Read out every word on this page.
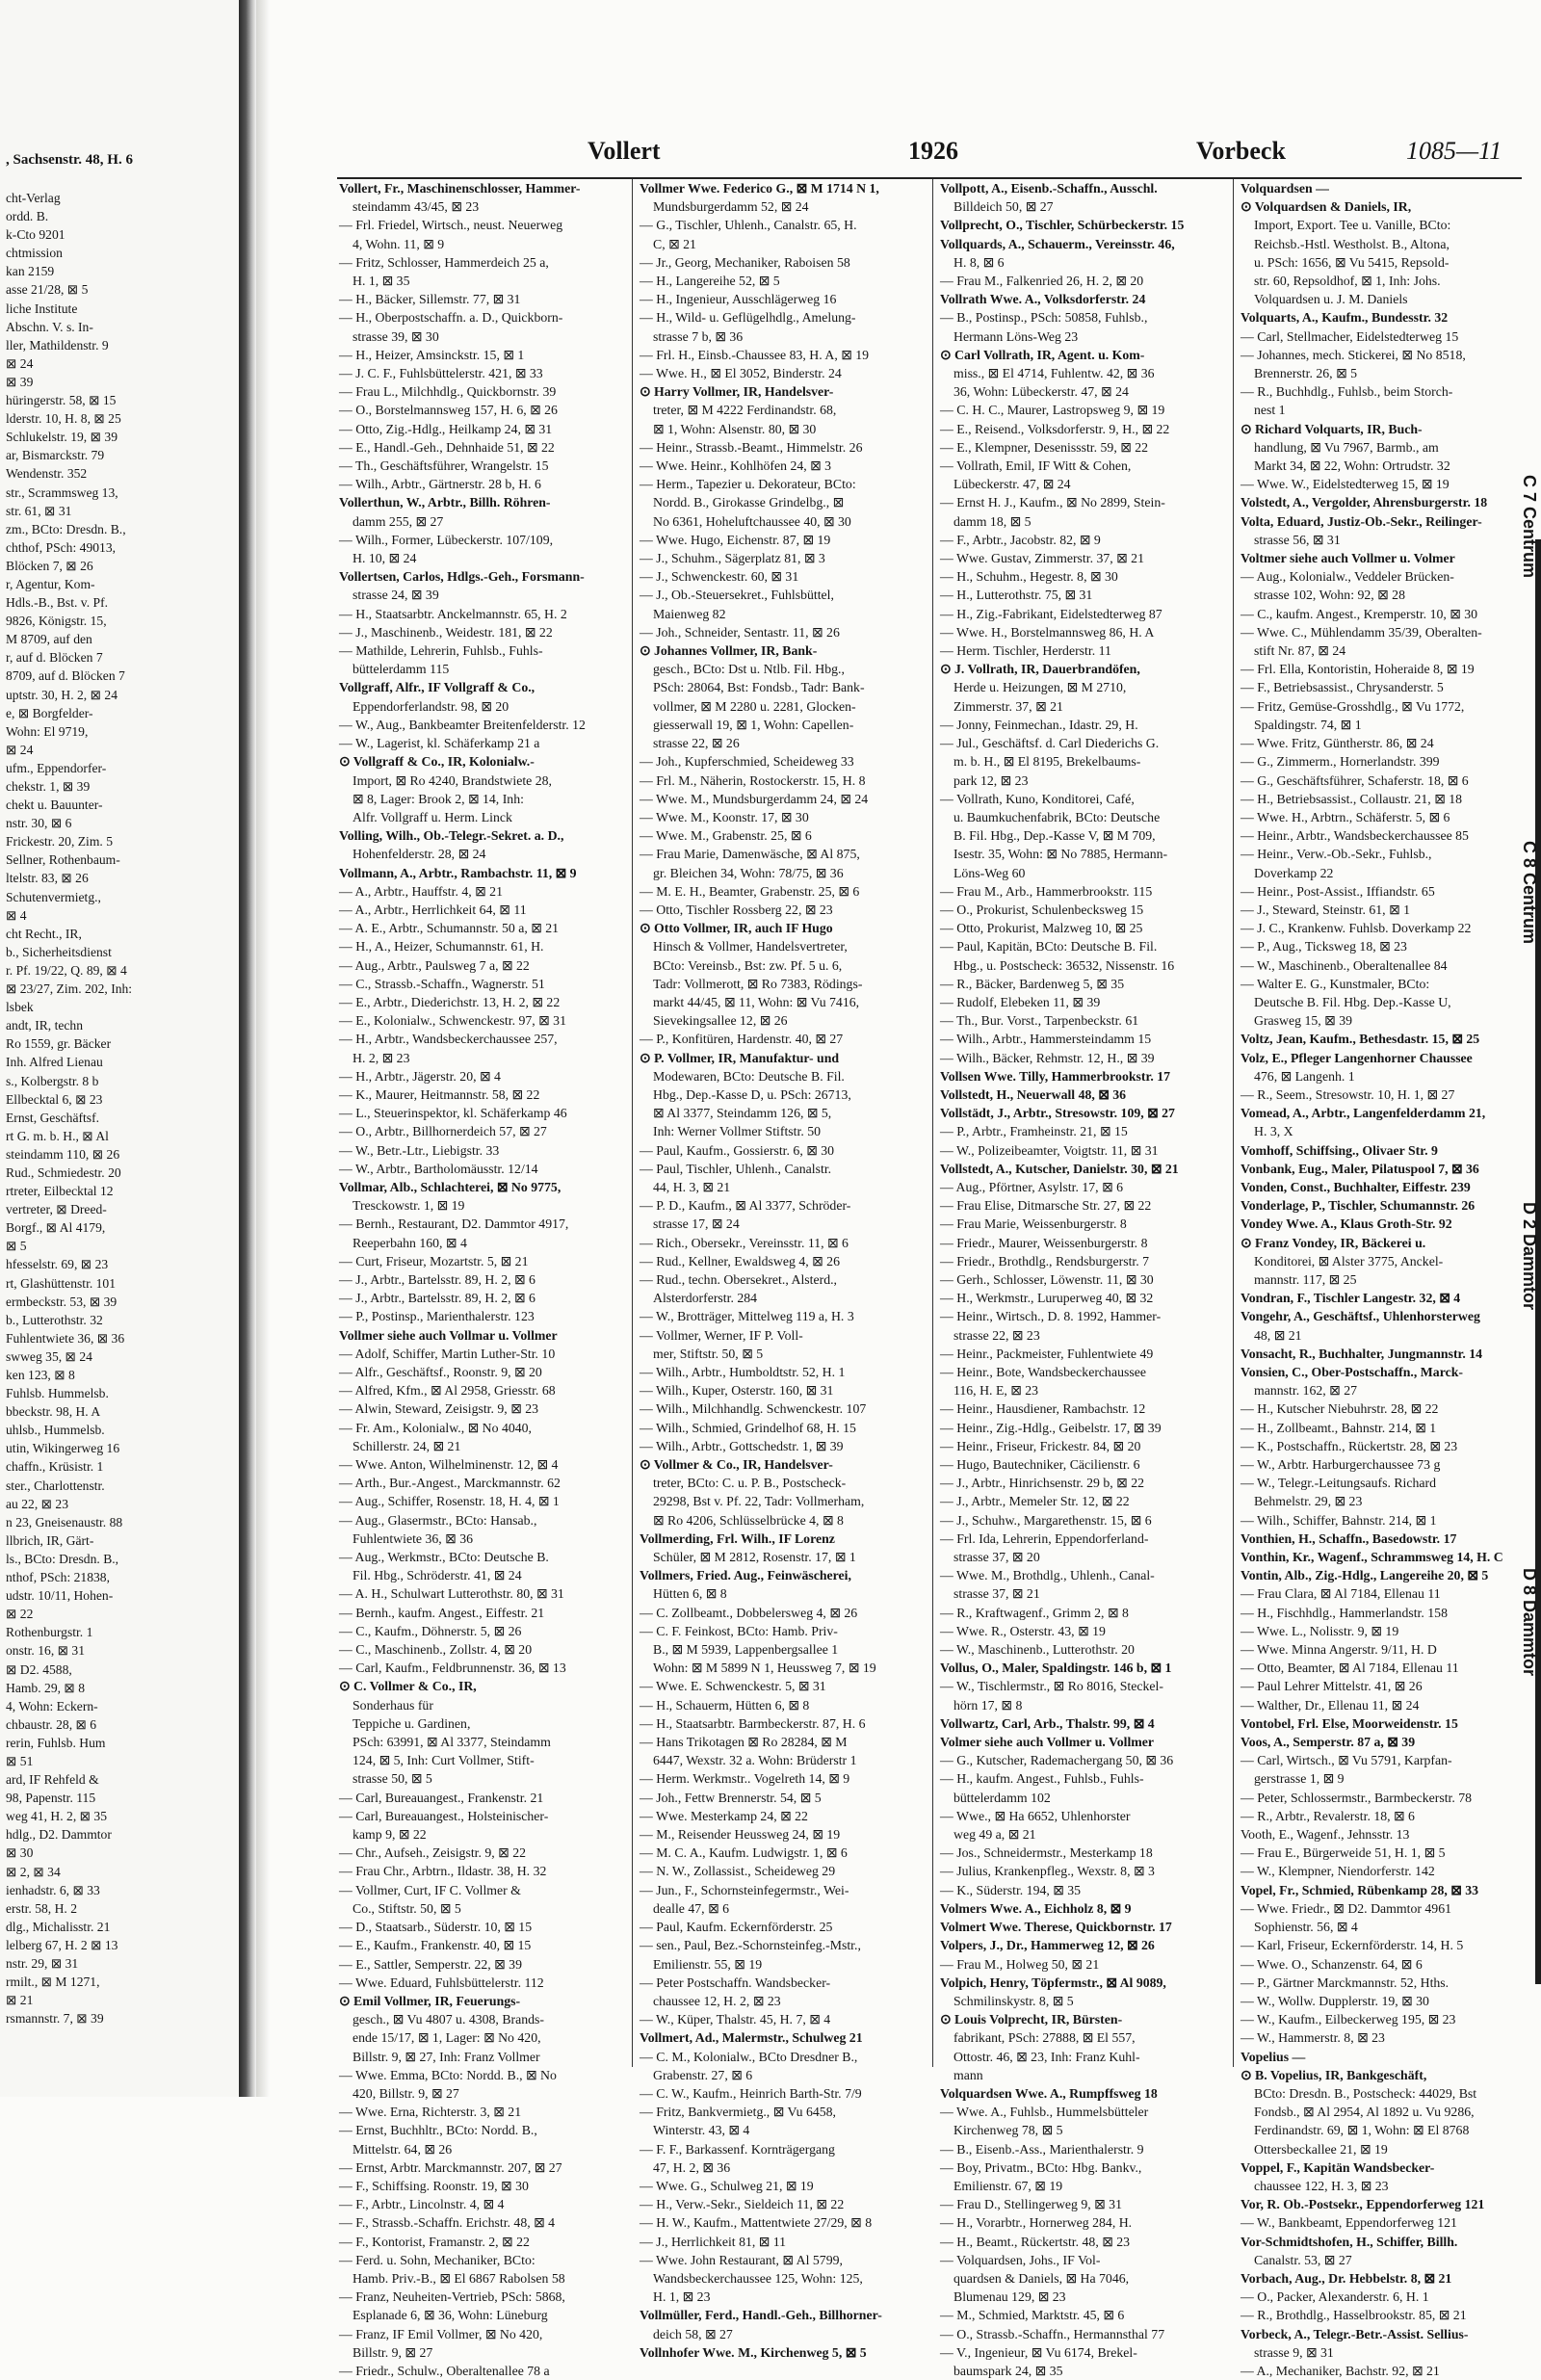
, Sachsenstr. 48, H. 6
cht-Verlag
ordd. B.
k-Cto 9201
chtmission
kan 2159
asse 21/28, ⊠ 5
liche Institute
Abschn. V. s. In-
ller, Mathildenstr. 9
⊠ 24
⊠ 39
hüringerstr. 58, ⊠ 15
lderstr. 10, H. 8, ⊠ 25
Schlukelstr. 19, ⊠ 39
ar, Bismarckstr. 79
Wendenstr. 352
str., Scrammsweg 13,
str. 61, ⊠ 31
zm., BCto: Dresdn. B.,
chthof, PSch: 49013,
Blöcken 7, ⊠ 26
r, Agentur, Kom-
Hdls.-B., Bst. v. Pf.
9826, Königstr. 15,
M 8709, auf den
r, auf d. Blöcken 7
8709, auf d. Blöcken 7
uptstr. 30, H. 2, ⊠ 24
e, ⊠ Borgfelder-
Wohn: El 9719,
⊠ 24
ufm., Eppendorfer-
chekstr. 1, ⊠ 39
chekt u. Bauunter-
nstr. 30, ⊠ 6
Frickestr. 20, Zim. 5
Sellner, Rothenbaum-
ltelstr. 83, ⊠ 26
Schutenvermietg.,
⊠ 4
cht Recht., IR,
b., Sicherheitsdienst
r. Pf. 19/22, Q. 89, ⊠ 4
⊠ 23/27, Zim. 202, Inh:
lsbek
andt, IR, techn
Ro 1559, gr. Bäcker
Inh. Alfred Lienau
s., Kolbergstr. 8 b
Ellbecktal 6, ⊠ 23
Ernst, Geschäftsf.
rt G. m. b. H., ⊠ Al
steindamm 110, ⊠ 26
Rud., Schmiedestr. 20
rtreter, Eilbecktal 12
vertreter, ⊠ Dreed-
Borgf., ⊠ Al 4179,
⊠ 5
hfesselstr. 69, ⊠ 23
rt, Glashüttenstr. 101
ermbeckstr. 53, ⊠ 39
b., Lutterothstr. 32
Fuhlentwiete 36, ⊠ 36
swweg 35, ⊠ 24
ken 123, ⊠ 8
Fuhlsb. Hummelsb.
bbeckstr. 98, H. A
uhlsb., Hummelsb.
utin, Wikingerweg 16
chaffn., Krüsistr. 1
ster., Charlottenstr.
au 22, ⊠ 23
n 23, Gneisenaustr. 88
llbrich, IR, Gärt-
ls., BCto: Dresdn. B.,
nthof, PSch: 21838,
udstr. 10/11, Hohen-
⊠ 22
Rothenburgstr. 1
onstr. 16, ⊠ 31
⊠ D2. 4588,
Hamb. 29, ⊠ 8
4, Wohn: Eckern-
chbaustr. 28, ⊠ 6
rerin, Fuhlsb. Hum
⊠ 51
ard, IF Rehfeld &
98, Papenstr. 115
weg 41, H. 2, ⊠ 35
hdlg., D2. Dammtor
⊠ 30
⊠ 2, ⊠ 34
ienhadstr. 6, ⊠ 33
erstr. 58, H. 2
dlg., Michalisstr. 21
lelberg 67, H. 2 ⊠ 13
nstr. 29, ⊠ 31
rmilt., ⊠ M 1271,
⊠ 21
rsmannstr. 7, ⊠ 39
Vollert	1926	Vorbeck	1085—11
Vollert, Fr., Maschinenschlosser, Hammer-
steindamm 43/45, ⊠ 23
— Frl. Friedel, Wirtsch., neust. Neuerweg
4, Wohn. 11, ⊠ 9
— Fritz, Schlosser, Hammerdeich 25 a,
H. 1, ⊠ 35
— H., Bäcker, Sillemstr. 77, ⊠ 31
— H., Oberpostschaffn. a. D., Quickborn-
strasse 39, ⊠ 30
— H., Heizer, Amsinckstr. 15, ⊠ 1
— J. C. F., Fuhlsbüttelerstr. 421, ⊠ 33
— Frau L., Milchhdlg., Quickbornstr. 39
— O., Borstelmannsweg 157, H. 6, ⊠ 26
— Otto, Zig.-Hdlg., Heilkamp 24, ⊠ 31
— E., Handl.-Geh., Dehnhaide 51, ⊠ 22
— Th., Geschäftsführer, Wrangelstr. 15
— Wilh., Arbtr., Gärtnerstr. 28 b, H. 6
Vollerthun, W., Arbtr., Billh. Röhren-
damm 255, ⊠ 27
— Wilh., Former, Lübeckerstr. 107/109,
H. 10, ⊠ 24
Vollertsen, Carlos, Hdlgs.-Geh., Forsmann-
strasse 24, ⊠ 39
— H., Staatsarbtr. Anckelmannstr. 65, H. 2
— J., Maschinenb., Weidestr. 181, ⊠ 22
— Mathilde, Lehrerin, Fuhlsb., Fuhls-
büttelerdamm 115
Vollgraff, Alfr., IF Vollgraff & Co.,
Eppendorferlandstr. 98, ⊠ 20
— W., Aug., Bankbeamter Breitenfelderstr. 12
— W., Lagerist, kl. Schäferkamp 21 a
⊙ Vollgraff & Co., IR, Kolonialw.-
Import, ⊠ Ro 4240, Brandstwiete 28,
⊠ 8, Lager: Brook 2, ⊠ 14, Inh:
Alfr. Vollgraff u. Herm. Linck
Volling, Wilh., Ob.-Telegr.-Sekret. a. D.,
Hohenfelderstr. 28, ⊠ 24
Vollmann, A., Arbtr., Rambachstr. 11, ⊠ 9
— A., Arbtr., Hauffstr. 4, ⊠ 21
— A., Arbtr., Herrlichkeit 64, ⊠ 11
— A. E., Arbtr., Schumannstr. 50 a, ⊠ 21
— H., A., Heizer, Schumannstr. 61, H.
— Aug., Arbtr., Paulsweg 7 a, ⊠ 22
— C., Strassb.-Schaffn., Wagnerstr. 51
— E., Arbtr., Diederichstr. 13, H. 2, ⊠ 22
— E., Kolonialw., Schwenckestr. 97, ⊠ 31
— H., Arbtr., Wandsbeckerchaussee 257,
H. 2, ⊠ 23
— H., Arbtr., Jägerstr. 20, ⊠ 4
— K., Maurer, Heitmannstr. 58, ⊠ 22
— L., Steuerinspektor, kl. Schäferkamp 46
— O., Arbtr., Billhornerdeich 57, ⊠ 27
— W., Betr.-Ltr., Liebigstr. 33
— W., Arbtr., Bartholomäusstr. 12/14
Vollmar, Alb., Schlachterei, ⊠ No 9775,
Tresckowstr. 1, ⊠ 19
— Bernh., Restaurant, D2. Dammtor 4917,
Reeperbahn 160, ⊠ 4
— Curt, Friseur, Mozartstr. 5, ⊠ 21
— J., Arbtr., Bartelsstr. 89, H. 2, ⊠ 6
— J., Arbtr., Bartelsstr. 89, H. 2, ⊠ 6
— P., Postinsp., Marienthalerstr. 123
Vollmer siehe auch Vollmar u. Vollmer
— Adolf, Schiffer, Martin Luther-Str. 10
— Alfr., Geschäftsf., Roonstr. 9, ⊠ 20
— Alfred, Kfm., ⊠ Al 2958, Griesstr. 68
— Alwin, Steward, Zeisigstr. 9, ⊠ 23
— Fr. Am., Kolonialw., ⊠ No 4040,
Schillerstr. 24, ⊠ 21
— Wwe. Anton, Wilhelminenstr. 12, ⊠ 4
— Arth., Bur.-Angest., Marckmannstr. 62
— Aug., Schiffer, Rosenstr. 18, H. 4, ⊠ 1
— Aug., Glasermstr., BCto: Hansab.,
Fuhlentwiete 36, ⊠ 36
— Aug., Werkmstr., BCto: Deutsche B.
Fil. Hbg., Schröderstr. 41, ⊠ 24
— A. H., Schulwart Lutterothstr. 80, ⊠ 31
— Bernh., kaufm. Angest., Eiffestr. 21
— C., Kaufm., Döhnerstr. 5, ⊠ 26
— C., Maschinenb., Zollstr. 4, ⊠ 20
— Carl, Kaufm., Feldbrunnenstr. 36, ⊠ 13
⊙ C. Vollmer & Co., IR,
Sonderhaus für
Teppiche u. Gardinen,
PSch: 63991, ⊠ Al 3377, Steindamm
124, ⊠ 5, Inh: Curt Vollmer, Stift-
strasse 50, ⊠ 5
— Carl, Bureauangest., Frankenstr. 21
— Carl, Bureauangest., Holsteinischer-
kamp 9, ⊠ 22
— Chr., Aufseh., Zeisigstr. 9, ⊠ 22
— Frau Chr., Arbtrn., Ildastr. 38, H. 32
— Vollmer, Curt, IF C. Vollmer &
Co., Stiftstr. 50, ⊠ 5
— D., Staatsarb., Süderstr. 10, ⊠ 15
— E., Kaufm., Frankenstr. 40, ⊠ 15
— E., Sattler, Semperstr. 22, ⊠ 39
— Wwe. Eduard, Fuhlsbüttelerstr. 112
⊙ Emil Vollmer, IR, Feuerungs-
gesch., ⊠ Vu 4807 u. 4308, Brands-
ende 15/17, ⊠ 1, Lager: ⊠ No 420,
Billstr. 9, ⊠ 27, Inh: Franz Vollmer
— Wwe. Emma, BCto: Nordd. B., ⊠ No
420, Billstr. 9, ⊠ 27
— Wwe. Erna, Richterstr. 3, ⊠ 21
— Ernst, Buchhltr., BCto: Nordd. B.,
Mittelstr. 64, ⊠ 26
— Ernst, Arbtr. Marckmannstr. 207, ⊠ 27
— F., Schiffsing. Roonstr. 19, ⊠ 30
— F., Arbtr., Lincolnstr. 4, ⊠ 4
— F., Strassb.-Schaffn. Erichstr. 48, ⊠ 4
— F., Kontorist, Framanstr. 2, ⊠ 22
— Ferd. u. Sohn, Mechaniker, BCto:
Hamb. Priv.-B., ⊠ El 6867 Rabolsen 58
— Franz, Neuheiten-Vertrieb, PSch: 5868,
Esplanade 6, ⊠ 36, Wohn: Lüneburg
— Franz, IF Emil Vollmer, ⊠ No 420,
Billstr. 9, ⊠ 27
— Friedr., Schulw., Oberaltenallee 78 a
Vollmer Wwe. Federico G., ⊠ M 1714 N 1,
Mundsburgerdamm 52, ⊠ 24
— G., Tischler, Uhlenh., Canalstr. 65, H.
C, ⊠ 21
— Jr., Georg, Mechaniker, Raboisen 58
— H., Langereihe 52, ⊠ 5
— H., Ingenieur, Ausschlägerweg 16
— H., Wild- u. Geflügelhdlg., Amelung-
strasse 7 b, ⊠ 36
— Frl. H., Einsb.-Chaussee 83, H. A, ⊠ 19
— Wwe. H., ⊠ El 3052, Binderstr. 24
⊙ Harry Vollmer, IR, Handelsver-
treter, ⊠ M 4222 Ferdinandstr. 68,
⊠ 1, Wohn: Alsenstr. 80, ⊠ 30
— Heinr., Strassb.-Beamt., Himmelstr. 26
— Wwe. Heinr., Kohlhöfen 24, ⊠ 3
— Herm., Tapezier u. Dekorateur, BCto:
Nordd. B., Girokasse Grindelbg., ⊠
No 6361, Hoheluftchaussee 40, ⊠ 30
— Wwe. Hugo, Eichenstr. 87, ⊠ 19
— J., Schuhm., Sägerplatz 81, ⊠ 3
— J., Schwenckestr. 60, ⊠ 31
— J., Ob.-Steuersekret., Fuhlsbüttel,
Maienweg 82
— Joh., Schneider, Sentastr. 11, ⊠ 26
⊙ Johannes Vollmer, IR, Bank-
gesch., BCto: Dst u. Ntlb. Fil. Hbg.,
PSch: 28064, Bst: Fondsb., Tadr: Bank-
vollmer, ⊠ M 2280 u. 2281, Glocken-
giesserwall 19, ⊠ 1, Wohn: Capellen-
strasse 22, ⊠ 26
— Joh., Kupferschmied, Scheideweg 33
— Frl. M., Näherin, Rostockerstr. 15, H. 8
— Wwe. M., Mundsburgerdamm 24, ⊠ 24
— Wwe. M., Koonstr. 17, ⊠ 30
— Wwe. M., Grabenstr. 25, ⊠ 6
— Frau Marie, Damenwäsche, ⊠ Al 875,
gr. Bleichen 34, Wohn: 78/75, ⊠ 36
— M. E. H., Beamter, Grabenstr. 25, ⊠ 6
— Otto, Tischler Rossberg 22, ⊠ 23
⊙ Otto Vollmer, IR, auch IF Hugo
Hinsch & Vollmer, Handelsvertreter,
BCto: Vereinsb., Bst: zw. Pf. 5 u. 6,
Tadr: Vollmerott, ⊠ Ro 7383, Rödings-
markt 44/45, ⊠ 11, Wohn: ⊠ Vu 7416,
Sievekingsallee 12, ⊠ 26
— P., Konfitüren, Hardenstr. 40, ⊠ 27
⊙ P. Vollmer, IR, Manufaktur- und
Modewaren, BCto: Deutsche B. Fil.
Hbg., Dep.-Kasse D, u. PSch: 26713,
⊠ Al 3377, Steindamm 126, ⊠ 5,
Inh: Werner Vollmer Stiftstr. 50
— Paul, Kaufm., Gossierstr. 6, ⊠ 30
— Paul, Tischler, Uhlenh., Canalstr.
44, H. 3, ⊠ 21
— P. D., Kaufm., ⊠ Al 3377, Schröder-
strasse 17, ⊠ 24
— Rich., Obersekr., Vereinsstr. 11, ⊠ 6
— Rud., Kellner, Ewaldsweg 4, ⊠ 26
— Rud., techn. Obersekret., Alsterd.,
Alsterdorferstr. 284
— W., Brotträger, Mittelweg 119 a, H. 3
— Vollmer, Werner, IF P. Voll-
mer, Stiftstr. 50, ⊠ 5
— Wilh., Arbtr., Humboldtstr. 52, H. 1
— Wilh., Kuper, Osterstr. 160, ⊠ 31
— Wilh., Milchhandlg. Schwenckestr. 107
— Wilh., Schmied, Grindelhof 68, H. 15
— Wilh., Arbtr., Gottschedstr. 1, ⊠ 39
⊙ Vollmer & Co., IR, Handelsver-
treter, BCto: C. u. P. B., Postscheck-
29298, Bst v. Pf. 22, Tadr: Vollmerham,
⊠ Ro 4206, Schlüsselbrücke 4, ⊠ 8
Vollmerding, Frl. Wilh., IF Lorenz
Schüler, ⊠ M 2812, Rosenstr. 17, ⊠ 1
Vollmers, Fried. Aug., Feinwäscherei,
Hütten 6, ⊠ 8
— C. Zollbeamt., Dobbelersweg 4, ⊠ 26
— C. F. Feinkost, BCto: Hamb. Priv-
B., ⊠ M 5939, Lappenbergsallee 1
Wohn: ⊠ M 5899 N 1, Heussweg 7, ⊠ 19
— Wwe. E. Schwenckestr. 5, ⊠ 31
— H., Schauerm, Hütten 6, ⊠ 8
— H., Staatsarbtr. Barmbeckerstr. 87, H. 6
— Hans Trikotagen ⊠ Ro 28284, ⊠ M
6447, Wexstr. 32 a. Wohn: Brüderstr 1
— Herm. Werkmstr.. Vogelreth 14, ⊠ 9
— Joh., Fettw Brennerstr. 54, ⊠ 5
— Wwe. Mesterkamp 24, ⊠ 22
— M., Reisender Heussweg 24, ⊠ 19
— M. C. A., Kaufm. Ludwigstr. 1, ⊠ 6
— N. W., Zollassist., Scheideweg 29
— Jun., F., Schornsteinfegermstr., Wei-
dealle 47, ⊠ 6
— Paul, Kaufm. Eckernförderstr. 25
— sen., Paul, Bez.-Schornsteinfeg.-Mstr.,
Emilienstr. 55, ⊠ 19
— Peter Postschaffn. Wandsbecker-
chaussee 12, H. 2, ⊠ 23
— W., Küper, Thalstr. 45, H. 7, ⊠ 4
Vollmert, Ad., Malermstr., Schulweg 21
— C. M., Kolonialw., BCto Dresdner B.,
Grabenstr. 27, ⊠ 6
— C. W., Kaufm., Heinrich Barth-Str. 7/9
— Fritz, Bankvermietg., ⊠ Vu 6458,
Winterstr. 43, ⊠ 4
— F. F., Barkassenf. Kornträgergang
47, H. 2, ⊠ 36
— Wwe. G., Schulweg 21, ⊠ 19
— H., Verw.-Sekr., Sieldeich 11, ⊠ 22
— H. W., Kaufm., Mattentwiete 27/29, ⊠ 8
— J., Herrlichkeit 81, ⊠ 11
— Wwe. John Restaurant, ⊠ Al 5799,
Wandsbeckerchaussee 125, Wohn: 125,
H. 1, ⊠ 23
Vollmüller, Ferd., Handl.-Geh., Billhorner-
deich 58, ⊠ 27
Vollnhofer Wwe. M., Kirchenweg 5, ⊠ 5
Vollpott, A., Eisenb.-Schaffn., Ausschl.
Billdeich 50, ⊠ 27
Vollprecht, O., Tischler, Schürbeckerstr. 15
Vollquards, A., Schauerm., Vereinsstr. 46,
H. 8, ⊠ 6
— Frau M., Falkenried 26, H. 2, ⊠ 20
Vollrath Wwe. A., Volksdorferstr. 24
— B., Postinsp., PSch: 50858, Fuhlsb.,
Hermann Löns-Weg 23
⊙ Carl Vollrath, IR, Agent. u. Kom-
miss., ⊠ El 4714, Fuhlentw. 42, ⊠ 36
36, Wohn: Lübeckerstr. 47, ⊠ 24
— C. H. C., Maurer, Lastropsweg 9, ⊠ 19
— E., Reisend., Volksdorferstr. 9, H., ⊠ 22
— E., Klempner, Desenissstr. 59, ⊠ 22
— Vollrath, Emil, IF Witt & Cohen,
Lübeckerstr. 47, ⊠ 24
— Ernst H. J., Kaufm., ⊠ No 2899, Stein-
damm 18, ⊠ 5
— F., Arbtr., Jacobstr. 82, ⊠ 9
— Wwe. Gustav, Zimmerstr. 37, ⊠ 21
— H., Schuhm., Hegestr. 8, ⊠ 30
— H., Lutterothstr. 75, ⊠ 31
— H., Zig.-Fabrikant, Eidelstedterweg 87
— Wwe. H., Borstelmannsweg 86, H. A
— Herm. Tischler, Herderstr. 11
⊙ J. Vollrath, IR, Dauerbrandöfen,
Herde u. Heizungen, ⊠ M 2710,
Zimmerstr. 37, ⊠ 21
— Jonny, Feinmechan., Idastr. 29, H.
— Jul., Geschäftsf. d. Carl Diederichs G.
m. b. H., ⊠ El 8195, Brekelbaums-
park 12, ⊠ 23
— Vollrath, Kuno, Konditorei, Café,
u. Baumkuchenfabrik, BCto: Deutsche
B. Fil. Hbg., Dep.-Kasse V, ⊠ M 709,
Isestr. 35, Wohn: ⊠ No 7885, Hermann-
Löns-Weg 60
— Frau M., Arb., Hammerbrookstr. 115
— O., Prokurist, Schulenbecksweg 15
— Otto, Prokurist, Malzweg 10, ⊠ 25
— Paul, Kapitän, BCto: Deutsche B. Fil.
Hbg., u. Postscheck: 36532, Nissenstr. 16
— R., Bäcker, Bardenweg 5, ⊠ 35
— Rudolf, Elebeken 11, ⊠ 39
— Th., Bur. Vorst., Tarpenbeckstr. 61
— Wilh., Arbtr., Hammersteindamm 15
— Wilh., Bäcker, Rehmstr. 12, H., ⊠ 39
Vollsen Wwe. Tilly, Hammerbrookstr. 17
Vollstedt, H., Neuerwall 48, ⊠ 36
Vollstädt, J., Arbtr., Stresowstr. 109, ⊠ 27
— P., Arbtr., Framheinstr. 21, ⊠ 15
— W., Polizeibeamter, Voigtstr. 11, ⊠ 31
Vollstedt, A., Kutscher, Danielstr. 30, ⊠ 21
— Aug., Pförtner, Asylstr. 17, ⊠ 6
— Frau Elise, Ditmarsche Str. 27, ⊠ 22
— Frau Marie, Weissenburgerstr. 8
— Friedr., Maurer, Weissenburgerstr. 8
— Friedr., Brothdlg., Rendsburgerstr. 7
— Gerh., Schlosser, Löwenstr. 11, ⊠ 30
— H., Werkmstr., Luruperweg 40, ⊠ 32
— Heinr., Wirtsch., D. 8. 1992, Hammer-
strasse 22, ⊠ 23
— Heinr., Packmeister, Fuhlentwiete 49
— Heinr., Bote, Wandsbeckerchaussee
116, H. E, ⊠ 23
— Heinr., Hausdiener, Rambachstr. 12
— Heinr., Zig.-Hdlg., Geibelstr. 17, ⊠ 39
— Heinr., Friseur, Frickestr. 84, ⊠ 20
— Hugo, Bautechniker, Cäcilienstr. 6
— J., Arbtr., Hinrichsenstr. 29 b, ⊠ 22
— J., Arbtr., Memeler Str. 12, ⊠ 22
— J., Schuhw., Margarethenstr. 15, ⊠ 6
— Frl. Ida, Lehrerin, Eppendorferland-
strasse 37, ⊠ 20
— Wwe. M., Brothdlg., Uhlenh., Canal-
strasse 37, ⊠ 21
— R., Kraftwagenf., Grimm 2, ⊠ 8
— Wwe. R., Osterstr. 43, ⊠ 19
— W., Maschinenb., Lutterothstr. 20
Vollus, O., Maler, Spaldingstr. 146 b, ⊠ 1
— W., Tischlermstr., ⊠ Ro 8016, Steckel-
hörn 17, ⊠ 8
Vollwartz, Carl, Arb., Thalstr. 99, ⊠ 4
Volmer siehe auch Vollmer u. Vollmer
— G., Kutscher, Rademachergang 50, ⊠ 36
— H., kaufm. Angest., Fuhlsb., Fuhls-
büttelerdamm 102
— Wwe., ⊠ Ha 6652, Uhlenhorster
weg 49 a, ⊠ 21
— Jos., Schneidermstr., Mesterkamp 18
— Julius, Krankenpfleg., Wexstr. 8, ⊠ 3
— K., Süderstr. 194, ⊠ 35
Volmers Wwe. A., Eichholz 8, ⊠ 9
Volmert Wwe. Therese, Quickbornstr. 17
Volpers, J., Dr., Hammerweg 12, ⊠ 26
— Frau M., Holweg 50, ⊠ 21
Volpich, Henry, Töpfermstr., ⊠ Al 9089,
Schmilinskystr. 8, ⊠ 5
⊙ Louis Volprecht, IR, Bürsten-
fabrikant, PSch: 27888, ⊠ El 557,
Ottostr. 46, ⊠ 23, Inh: Franz Kuhl-
mann
Volquardsen Wwe. A., Rumpffsweg 18
— Wwe. A., Fuhlsb., Hummelsbütteler
Kirchenweg 78, ⊠ 5
— B., Eisenb.-Ass., Marienthalerstr. 9
— Boy, Privatm., BCto: Hbg. Bankv.,
Emilienstr. 67, ⊠ 19
— Frau D., Stellingerweg 9, ⊠ 31
— H., Vorarbtr., Hornerweg 284, H.
— H., Beamt., Rückertstr. 48, ⊠ 23
— Volquardsen, Johs., IF Vol-
quardsen & Daniels, ⊠ Ha 7046,
Blumenau 129, ⊠ 23
— M., Schmied, Marktstr. 45, ⊠ 6
— O., Strassb.-Schaffn., Hermannsthal 77
— V., Ingenieur, ⊠ Vu 6174, Brekel-
baumspark 24, ⊠ 35
Volquardsen —
⊙ Volquardsen & Daniels, IR,
Import, Export. Tee u. Vanille, BCto:
Reichsb.-Hstl. Westholst. B., Altona,
u. PSch: 1656, ⊠ Vu 5415, Repsold-
str. 60, Repsoldhof, ⊠ 1, Inh: Johs.
Volquardsen u. J. M. Daniels
Volquarts, A., Kaufm., Bundesstr. 32
— Carl, Stellmacher, Eidelstedterweg 15
— Johannes, mech. Stickerei, ⊠ No 8518,
Brennerstr. 26, ⊠ 5
— R., Buchhdlg., Fuhlsb., beim Storch-
nest 1
⊙ Richard Volquarts, IR, Buch-
handlung, ⊠ Vu 7967, Barmb., am
Markt 34, ⊠ 22, Wohn: Ortrudstr. 32
— Wwe. W., Eidelstedterweg 15, ⊠ 19
Volstedt, A., Vergolder, Ahrensburgerstr. 18
Volta, Eduard, Justiz-Ob.-Sekr., Reilinger-
strasse 56, ⊠ 31
Voltmer siehe auch Vollmer u. Volmer
— Aug., Kolonialw., Veddeler Brücken-
strasse 102, Wohn: 92, ⊠ 28
— C., kaufm. Angest., Kremperstr. 10, ⊠ 30
— Wwe. C., Mühlendamm 35/39, Oberalten-
stift Nr. 87, ⊠ 24
— Frl. Ella, Kontoristin, Hoheraide 8, ⊠ 19
— F., Betriebsassist., Chrysanderstr. 5
— Fritz, Gemüse-Grosshdlg., ⊠ Vu 1772,
Spaldingstr. 74, ⊠ 1
— Wwe. Fritz, Güntherstr. 86, ⊠ 24
— G., Zimmerm., Hornerlandstr. 399
— G., Geschäftsführer, Schaferstr. 18, ⊠ 6
— H., Betriebsassist., Collaustr. 21, ⊠ 18
— Wwe. H., Arbtrn., Schäferstr. 5, ⊠ 6
— Heinr., Arbtr., Wandsbeckerchaussee 85
— Heinr., Verw.-Ob.-Sekr., Fuhlsb.,
Doverkamp 22
— Heinr., Post-Assist., Iffiandstr. 65
— J., Steward, Steinstr. 61, ⊠ 1
— J. C., Krankenw. Fuhlsb. Doverkamp 22
— P., Aug., Ticksweg 18, ⊠ 23
— W., Maschinenb., Oberaltenallee 84
— Walter E. G., Kunstmaler, BCto:
Deutsche B. Fil. Hbg. Dep.-Kasse U,
Grasweg 15, ⊠ 39
Voltz, Jean, Kaufm., Bethesdastr. 15, ⊠ 25
Volz, E., Pfleger Langenhorner Chaussee
476, ⊠ Langenh. 1
— R., Seem., Stresowstr. 10, H. 1, ⊠ 27
Vomead, A., Arbtr., Langenfelderdamm 21,
H. 3, X
Vomhoff, Schiffsing., Olivaer Str. 9
Vonbank, Eug., Maler, Pilatuspool 7, ⊠ 36
Vonden, Const., Buchhalter, Eiffestr. 239
Vonderlage, P., Tischler, Schumannstr. 26
Vondey Wwe. A., Klaus Groth-Str. 92
⊙ Franz Vondey, IR, Bäckerei u.
Konditorei, ⊠ Alster 3775, Anckel-
mannstr. 117, ⊠ 25
Vondran, F., Tischler Langestr. 32, ⊠ 4
Vongehr, A., Geschäftsf., Uhlenhorsterweg
48, ⊠ 21
Vonsacht, R., Buchhalter, Jungmannstr. 14
Vonsien, C., Ober-Postschaffn., Marck-
mannstr. 162, ⊠ 27
— H., Kutscher Niebuhrstr. 28, ⊠ 22
— H., Zollbeamt., Bahnstr. 214, ⊠ 1
— K., Postschaffn., Rückertstr. 28, ⊠ 23
— W., Arbtr. Harburgerchaussee 73 g
— W., Telegr.-Leitungsaufs. Richard
Behmelstr. 29, ⊠ 23
— Wilh., Schiffer, Bahnstr. 214, ⊠ 1
Vonthien, H., Schaffn., Basedowstr. 17
Vonthin, Kr., Wagenf., Schrammsweg 14, H. C
Vontin, Alb., Zig.-Hdlg., Langereihe 20, ⊠ 5
— Frau Clara, ⊠ Al 7184, Ellenau 11
— H., Fischhdlg., Hammerlandstr. 158
— Wwe. L., Nolisstr. 9, ⊠ 19
— Wwe. Minna Angerstr. 9/11, H. D
— Otto, Beamter, ⊠ Al 7184, Ellenau 11
— Paul Lehrer Mittelstr. 41, ⊠ 26
— Walther, Dr., Ellenau 11, ⊠ 24
Vontobel, Frl. Else, Moorweidenstr. 15
Voos, A., Semperstr. 87 a, ⊠ 39
— Carl, Wirtsch., ⊠ Vu 5791, Karpfan-
gerstrasse 1, ⊠ 9
— Peter, Schlossermstr., Barmbeckerstr. 78
— R., Arbtr., Revalerstr. 18, ⊠ 6
Vooth, E., Wagenf., Jehnsstr. 13
— Frau E., Bürgerweide 51, H. 1, ⊠ 5
— W., Klempner, Niendorferstr. 142
Vopel, Fr., Schmied, Rübenkamp 28, ⊠ 33
— Wwe. Friedr., ⊠ D2. Dammtor 4961
Sophienstr. 56, ⊠ 4
— Karl, Friseur, Eckernförderstr. 14, H. 5
— Wwe. O., Schanzenstr. 64, ⊠ 6
— P., Gärtner Marckmannstr. 52, Hths.
— W., Wollw. Dupplerstr. 19, ⊠ 30
— W., Kaufm., Eilbeckerweg 195, ⊠ 23
— W., Hammerstr. 8, ⊠ 23
Vopelius —
⊙ B. Vopelius, IR, Bankgeschäft,
BCto: Dresdn. B., Postscheck: 44029, Bst
Fondsb., ⊠ Al 2954, Al 1892 u. Vu 9286,
Ferdinandstr. 69, ⊠ 1, Wohn: ⊠ El 8768
Ottersbeckallee 21, ⊠ 19
Voppel, F., Kapitän Wandsbecker-
chaussee 122, H. 3, ⊠ 23
Vor, R. Ob.-Postsekr., Eppendorferweg 121
— W., Bankbeamt, Eppendorferweg 121
Vor-Schmidtshofen, H., Schiffer, Billh.
Canalstr. 53, ⊠ 27
Vorbach, Aug., Dr. Hebbelstr. 8, ⊠ 21
— O., Packer, Alexanderstr. 6, H. 1
— R., Brothdlg., Hasselbrookstr. 85, ⊠ 21
Vorbeck, A., Telegr.-Betr.-Assist. Sellius-
strasse 9, ⊠ 31
— A., Mechaniker, Bachstr. 92, ⊠ 21
C 7 Centrum
C 8 Centrum
D 2 Dammtor
D 8 Dammtor
